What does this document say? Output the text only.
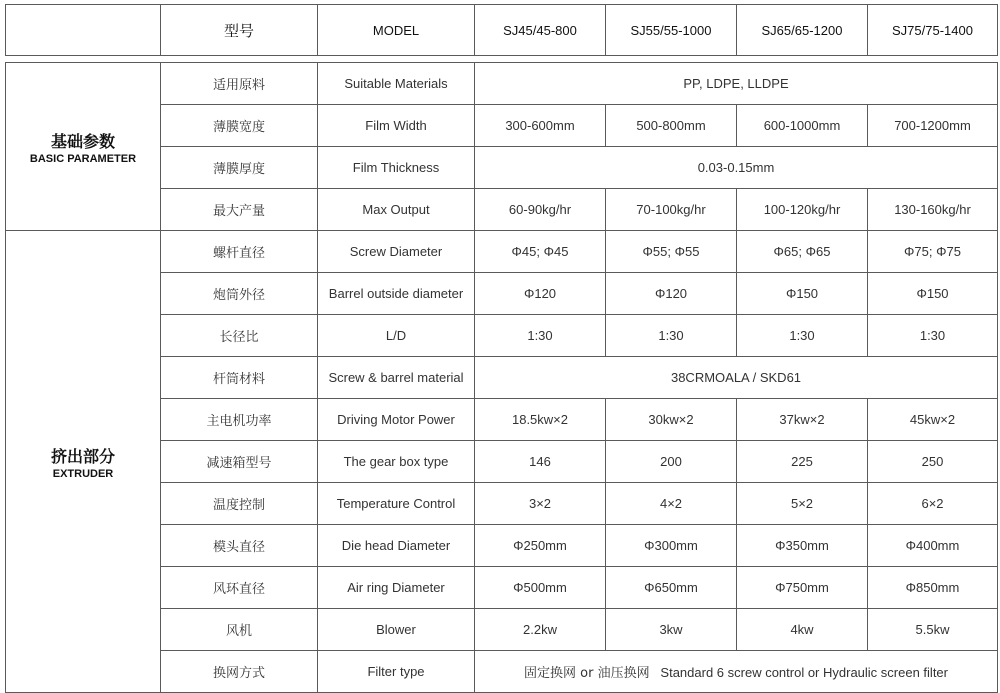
	型号	MODEL	SJ45/45-800	SJ55/55-1000	SJ65/65-1200	SJ75/75-1400

基础参数
BASIC PARAMETER	适用原料	Suitable Materials	PP, LDPE, LLDPE			
	薄膜宽度	Film Width	300-600mm	500-800mm	600-1000mm	700-1200mm
	薄膜厚度	Film Thickness	0.03-0.15mm			
	最大产量	Max Output	60-90kg/hr	70-100kg/hr	100-120kg/hr	130-160kg/hr

挤出部分
EXTRUDER	螺杆直径	Screw Diameter	Φ45; Φ45	Φ55; Φ55	Φ65; Φ65	Φ75; Φ75
	炮筒外径	Barrel outside diameter	Φ120	Φ120	Φ150	Φ150
	长径比	L/D	1:30	1:30	1:30	1:30
	杆筒材料	Screw & barrel material	38CRMOALA / SKD61			
	主电机功率	Driving Motor Power	18.5kw×2	30kw×2	37kw×2	45kw×2
	减速箱型号	The gear box type	146	200	225	250
	温度控制	Temperature Control	3×2	4×2	5×2	6×2
	模头直径	Die head Diameter	Φ250mm	Φ300mm	Φ350mm	Φ400mm
	风环直径	Air ring Diameter	Φ500mm	Φ650mm	Φ750mm	Φ850mm
	风机	Blower	2.2kw	3kw	4kw	5.5kw
	换网方式	Filter type	固定换网 or 油压换网 Standard 6 screw control or Hydraulic screen filter			
